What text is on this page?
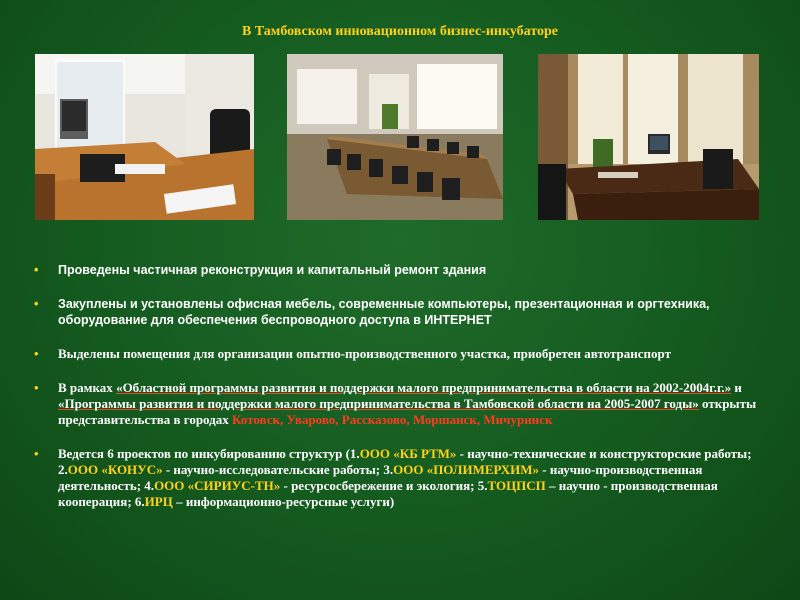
В Тамбовском инновационном бизнес-инкубаторе
• Проведены частичная реконструкция и капитальный ремонт здания
• Закуплены и установлены офисная мебель, современные компьютеры, презентационная и оргтехника, оборудование для обеспечения беспроводного доступа в ИНТЕРНЕТ
• Выделены помещения для организации опытно-производственного участка, приобретен автотранспорт
• В рамках «Областной программы развития и поддержки малого предпринимательства в области на 2002-2004г.г.» и «Программы развития и поддержки малого предпринимательства в Тамбовской области на 2005-2007 годы» открыты представительства в городах Котовск, Уварово, Рассказово, Моршанск, Мичуринск
• Ведется 6 проектов по инкубированию структур (1.ООО «КБ РТМ» - научно-технические и конструкторские работы; 2.ООО «КОНУС» - научно-исследовательские работы; 3.ООО «ПОЛИМЕРХИМ» - научно-производственная деятельность; 4.ООО «СИРИУС-ТН» - ресурсосбережение и экология; 5.ТОЦПСП – научно - производственная кооперация; 6.ИРЦ – информационно-ресурсные услуги)
